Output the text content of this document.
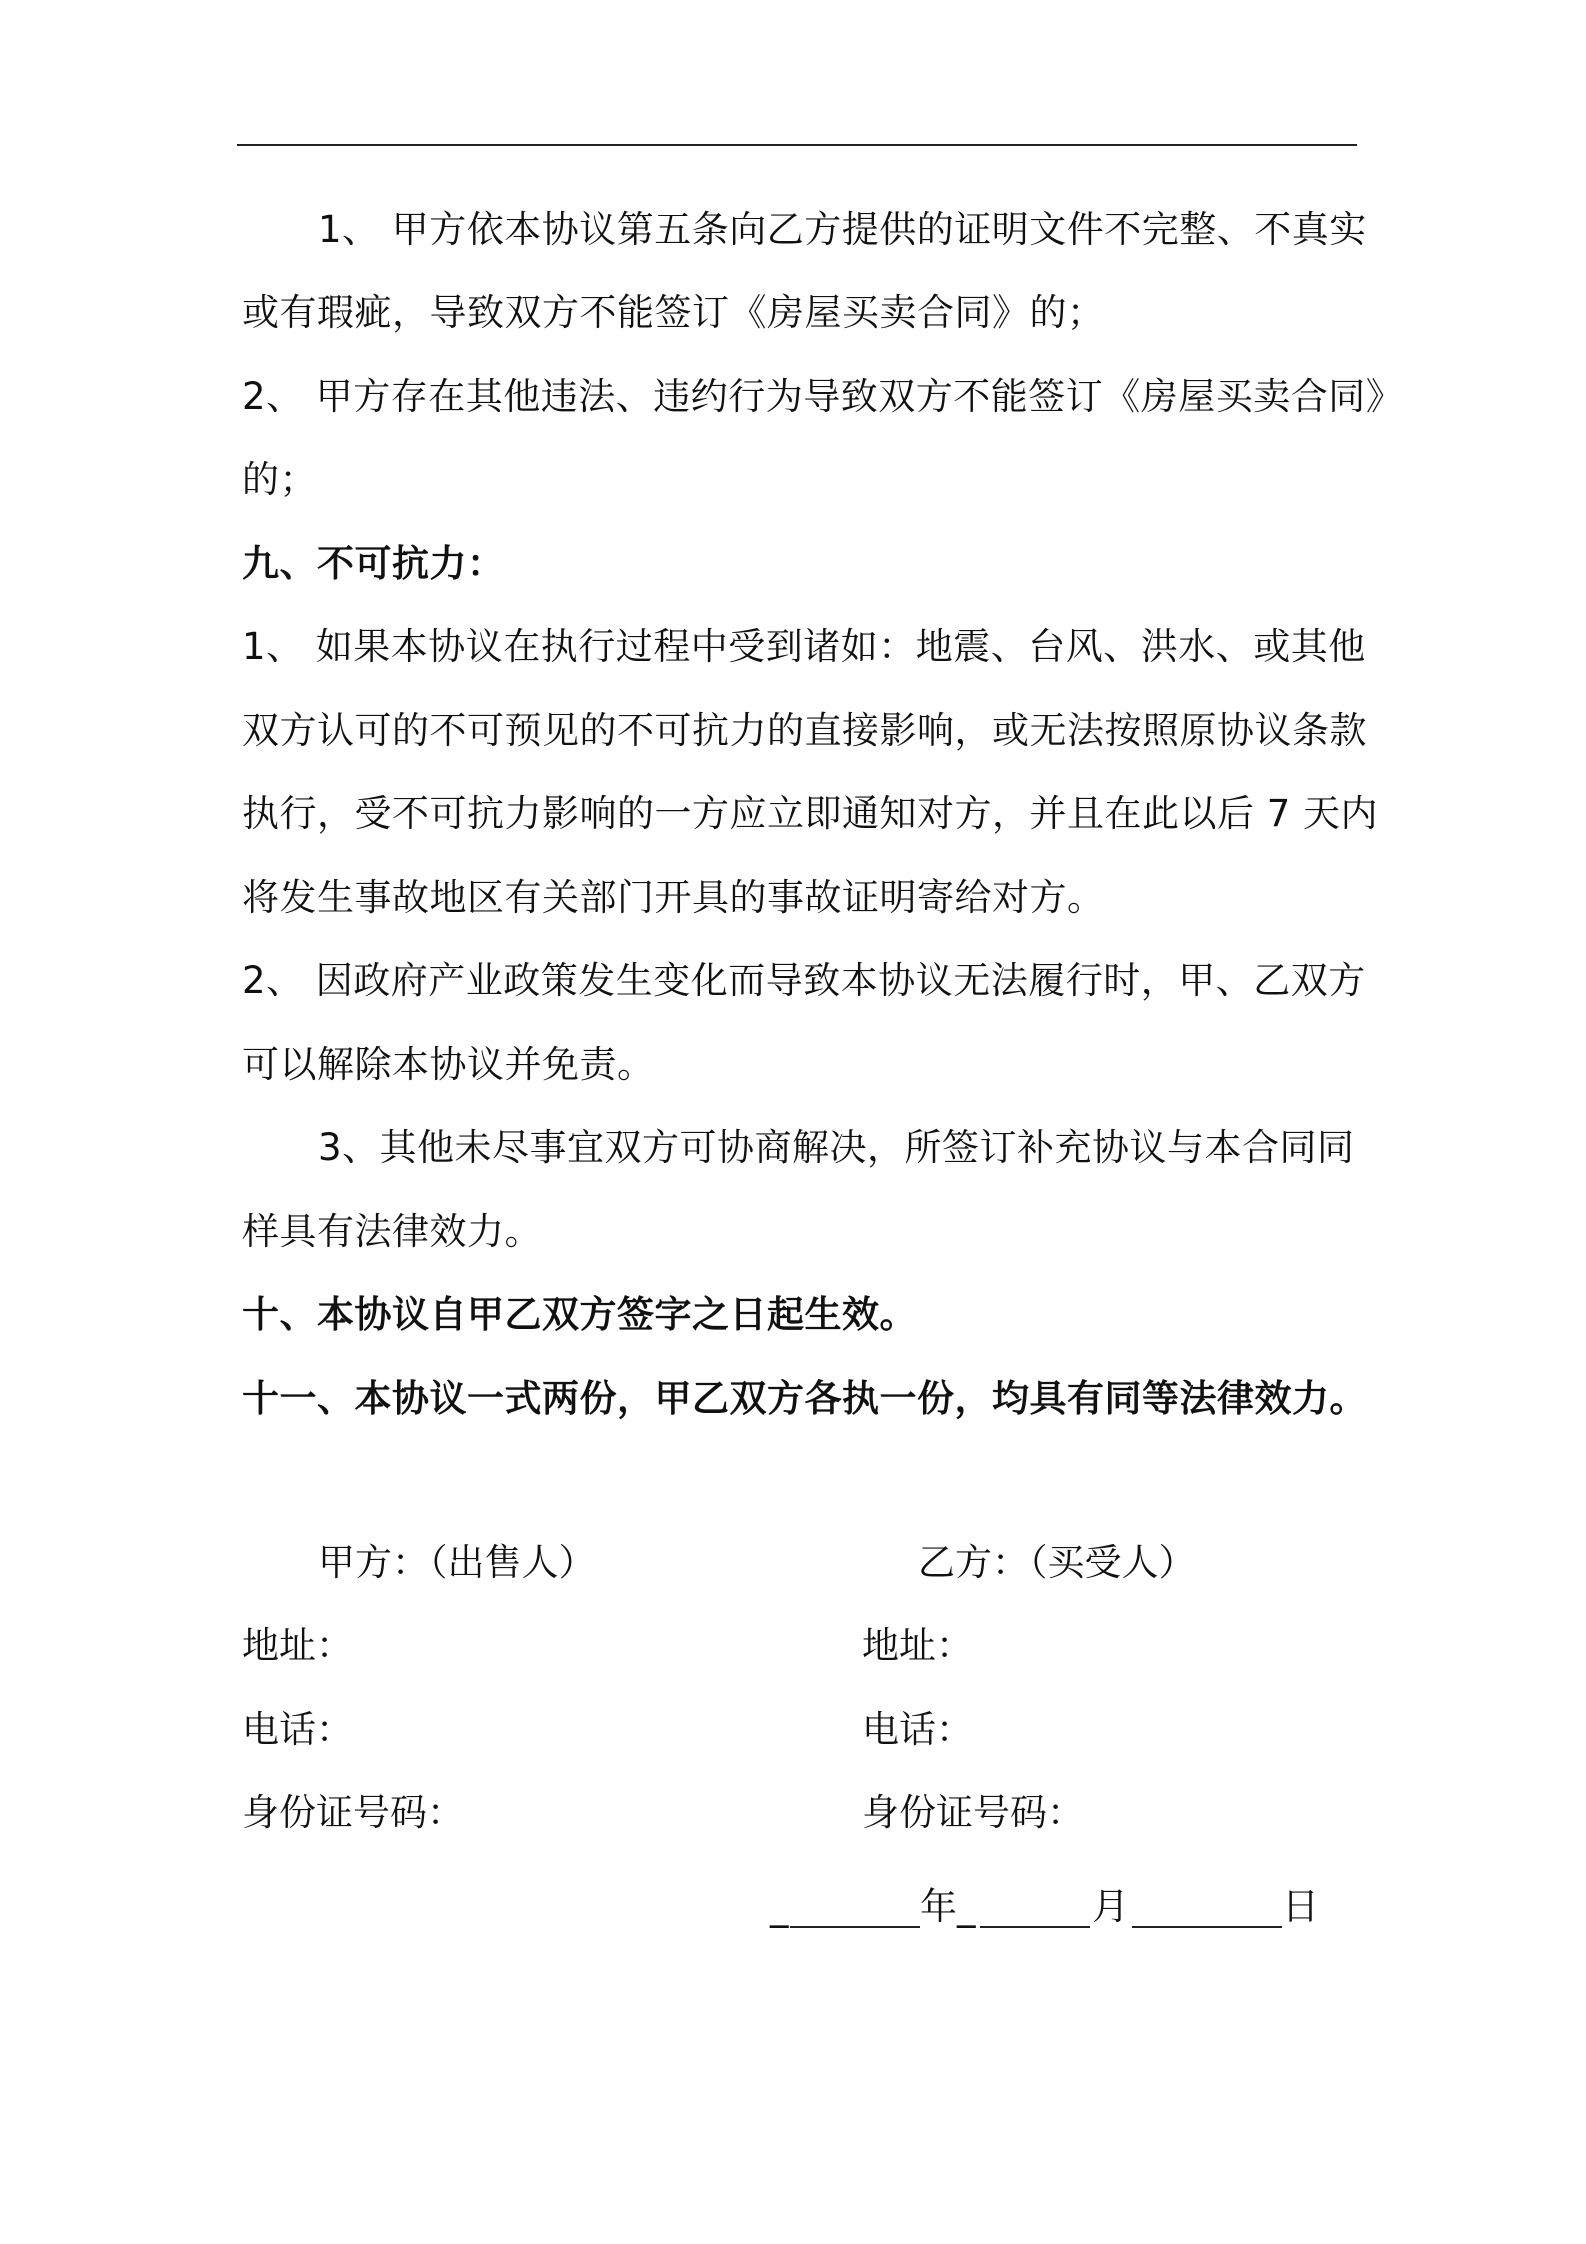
1、 甲方依本协议第五条向乙方提供的证明文件不完整、不真实
或有瑕疵，导致双方不能签订《房屋买卖合同》的；
2、 甲方存在其他违法、违约行为导致双方不能签订《房屋买卖合同》
的；
九、不可抗力：
1、 如果本协议在执行过程中受到诸如：地震、台风、洪水、或其他
双方认可的不可预见的不可抗力的直接影响，或无法按照原协议条款
执行，受不可抗力影响的一方应立即通知对方，并且在此以后 7 天内
将发生事故地区有关部门开具的事故证明寄给对方。
2、 因政府产业政策发生变化而导致本协议无法履行时，甲、乙双方
可以解除本协议并免责。
3、其他未尽事宜双方可协商解决，所签订补充协议与本合同同
样具有法律效力。
十、本协议自甲乙双方签字之日起生效。
十一、本协议一式两份，甲乙双方各执一份，均具有同等法律效力。
甲方：（出售人）
地址：
电话：
身份证号码：
乙方：（买受人）
地址：
电话：
身份证号码：
_	年_	月	日
